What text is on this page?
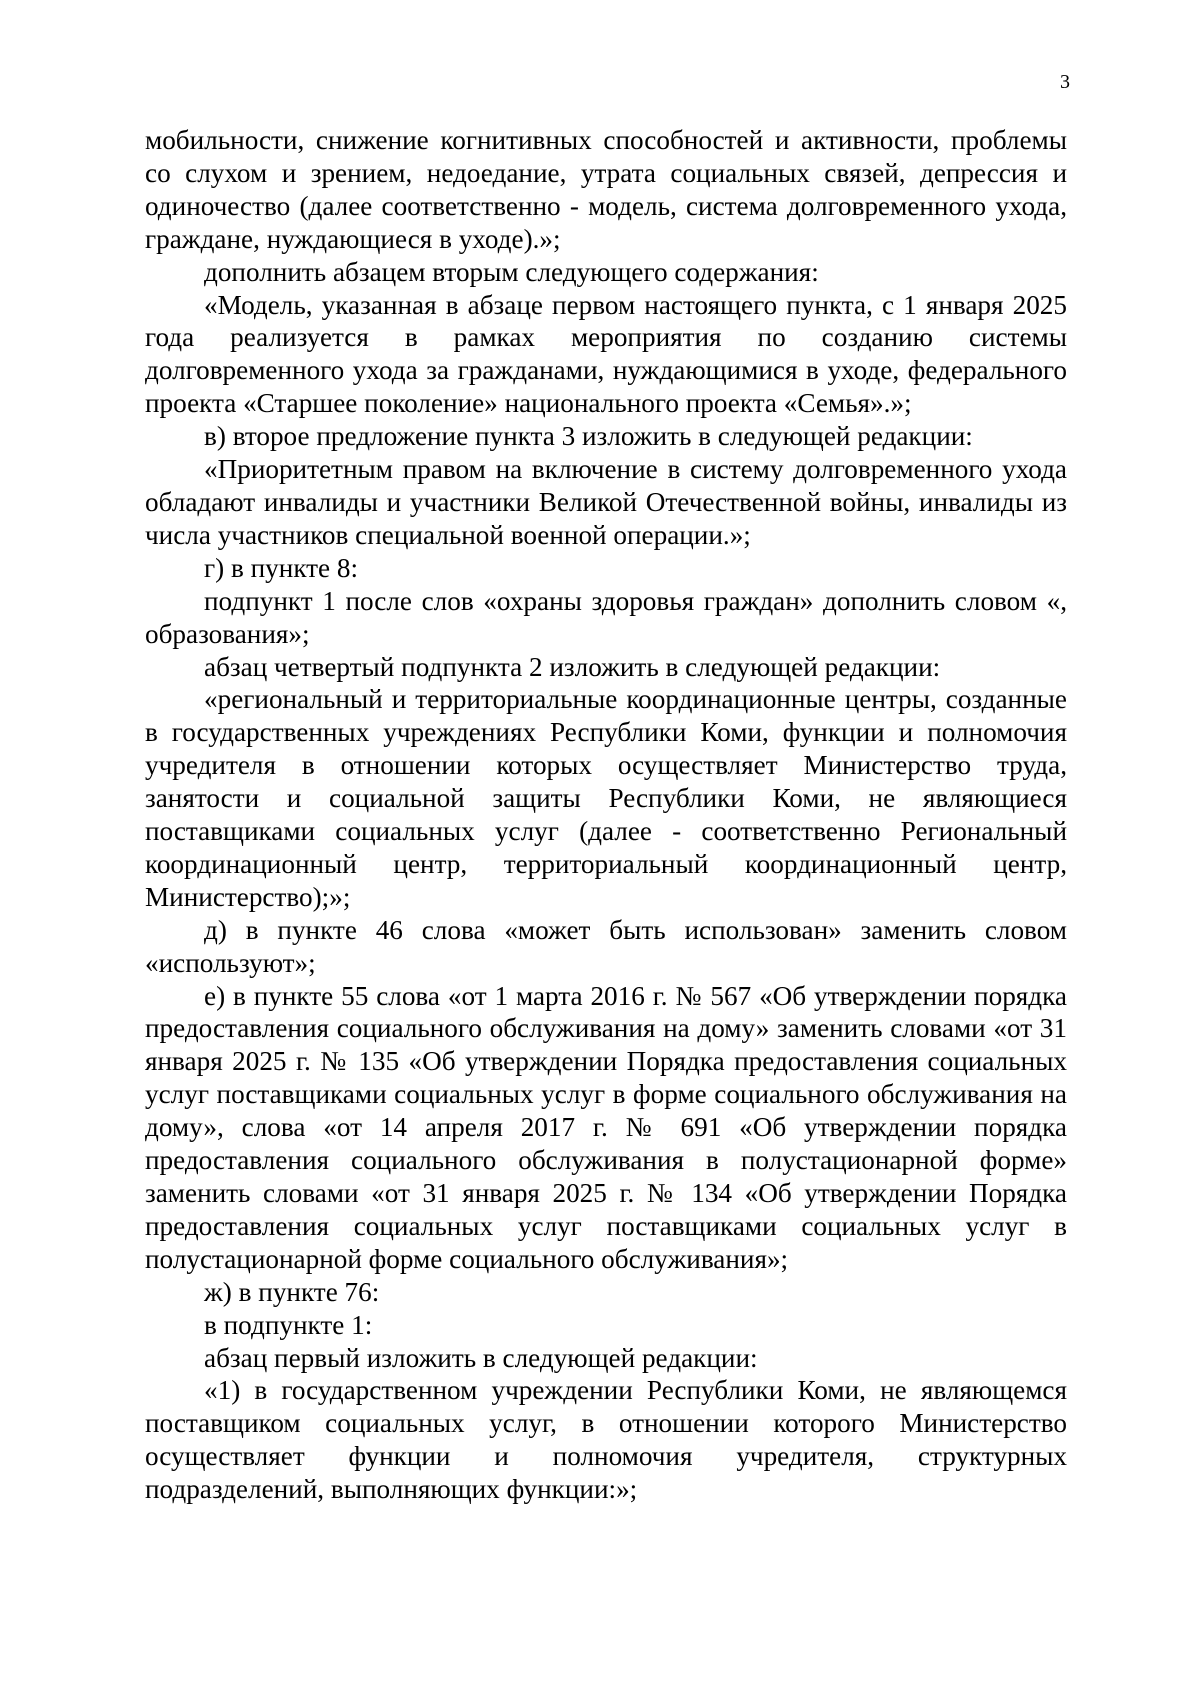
3

мобильности, снижение когнитивных способностей и активности, проблемы со слухом и зрением, недоедание, утрата социальных связей, депрессия и одиночество (далее соответственно - модель, система долговременного ухода, граждане, нуждающиеся в уходе).»;

дополнить абзацем вторым следующего содержания:

«Модель, указанная в абзаце первом настоящего пункта, с 1 января 2025 года реализуется в рамках мероприятия по созданию системы долговременного ухода за гражданами, нуждающимися в уходе, федерального проекта «Старшее поколение» национального проекта «Семья».»;

в) второе предложение пункта 3 изложить в следующей редакции:

«Приоритетным правом на включение в систему долговременного ухода обладают инвалиды и участники Великой Отечественной войны, инвалиды из числа участников специальной военной операции.»;

г) в пункте 8:

подпункт 1 после слов «охраны здоровья граждан» дополнить словом «, образования»;

абзац четвертый подпункта 2 изложить в следующей редакции:

«региональный и территориальные координационные центры, созданные в государственных учреждениях Республики Коми, функции и полномочия учредителя в отношении которых осуществляет Министерство труда, занятости и социальной защиты Республики Коми, не являющиеся поставщиками социальных услуг (далее - соответственно Региональный координационный центр, территориальный координационный центр, Министерство);»;

д) в пункте 46 слова «может быть использован» заменить словом «используют»;

е) в пункте 55 слова «от 1 марта 2016 г. № 567 «Об утверждении порядка предоставления социального обслуживания на дому» заменить словами «от 31 января 2025 г. № 135 «Об утверждении Порядка предоставления социальных услуг поставщиками социальных услуг в форме социального обслуживания на дому», слова «от 14 апреля 2017 г. № 691 «Об утверждении порядка предоставления социального обслуживания в полустационарной форме» заменить словами «от 31 января 2025 г. № 134 «Об утверждении Порядка предоставления социальных услуг поставщиками социальных услуг в полустационарной форме социального обслуживания»;

ж) в пункте 76:

в подпункте 1:

абзац первый изложить в следующей редакции:

«1) в государственном учреждении Республики Коми, не являющемся поставщиком социальных услуг, в отношении которого Министерство осуществляет функции и полномочия учредителя, структурных подразделений, выполняющих функции:»;
